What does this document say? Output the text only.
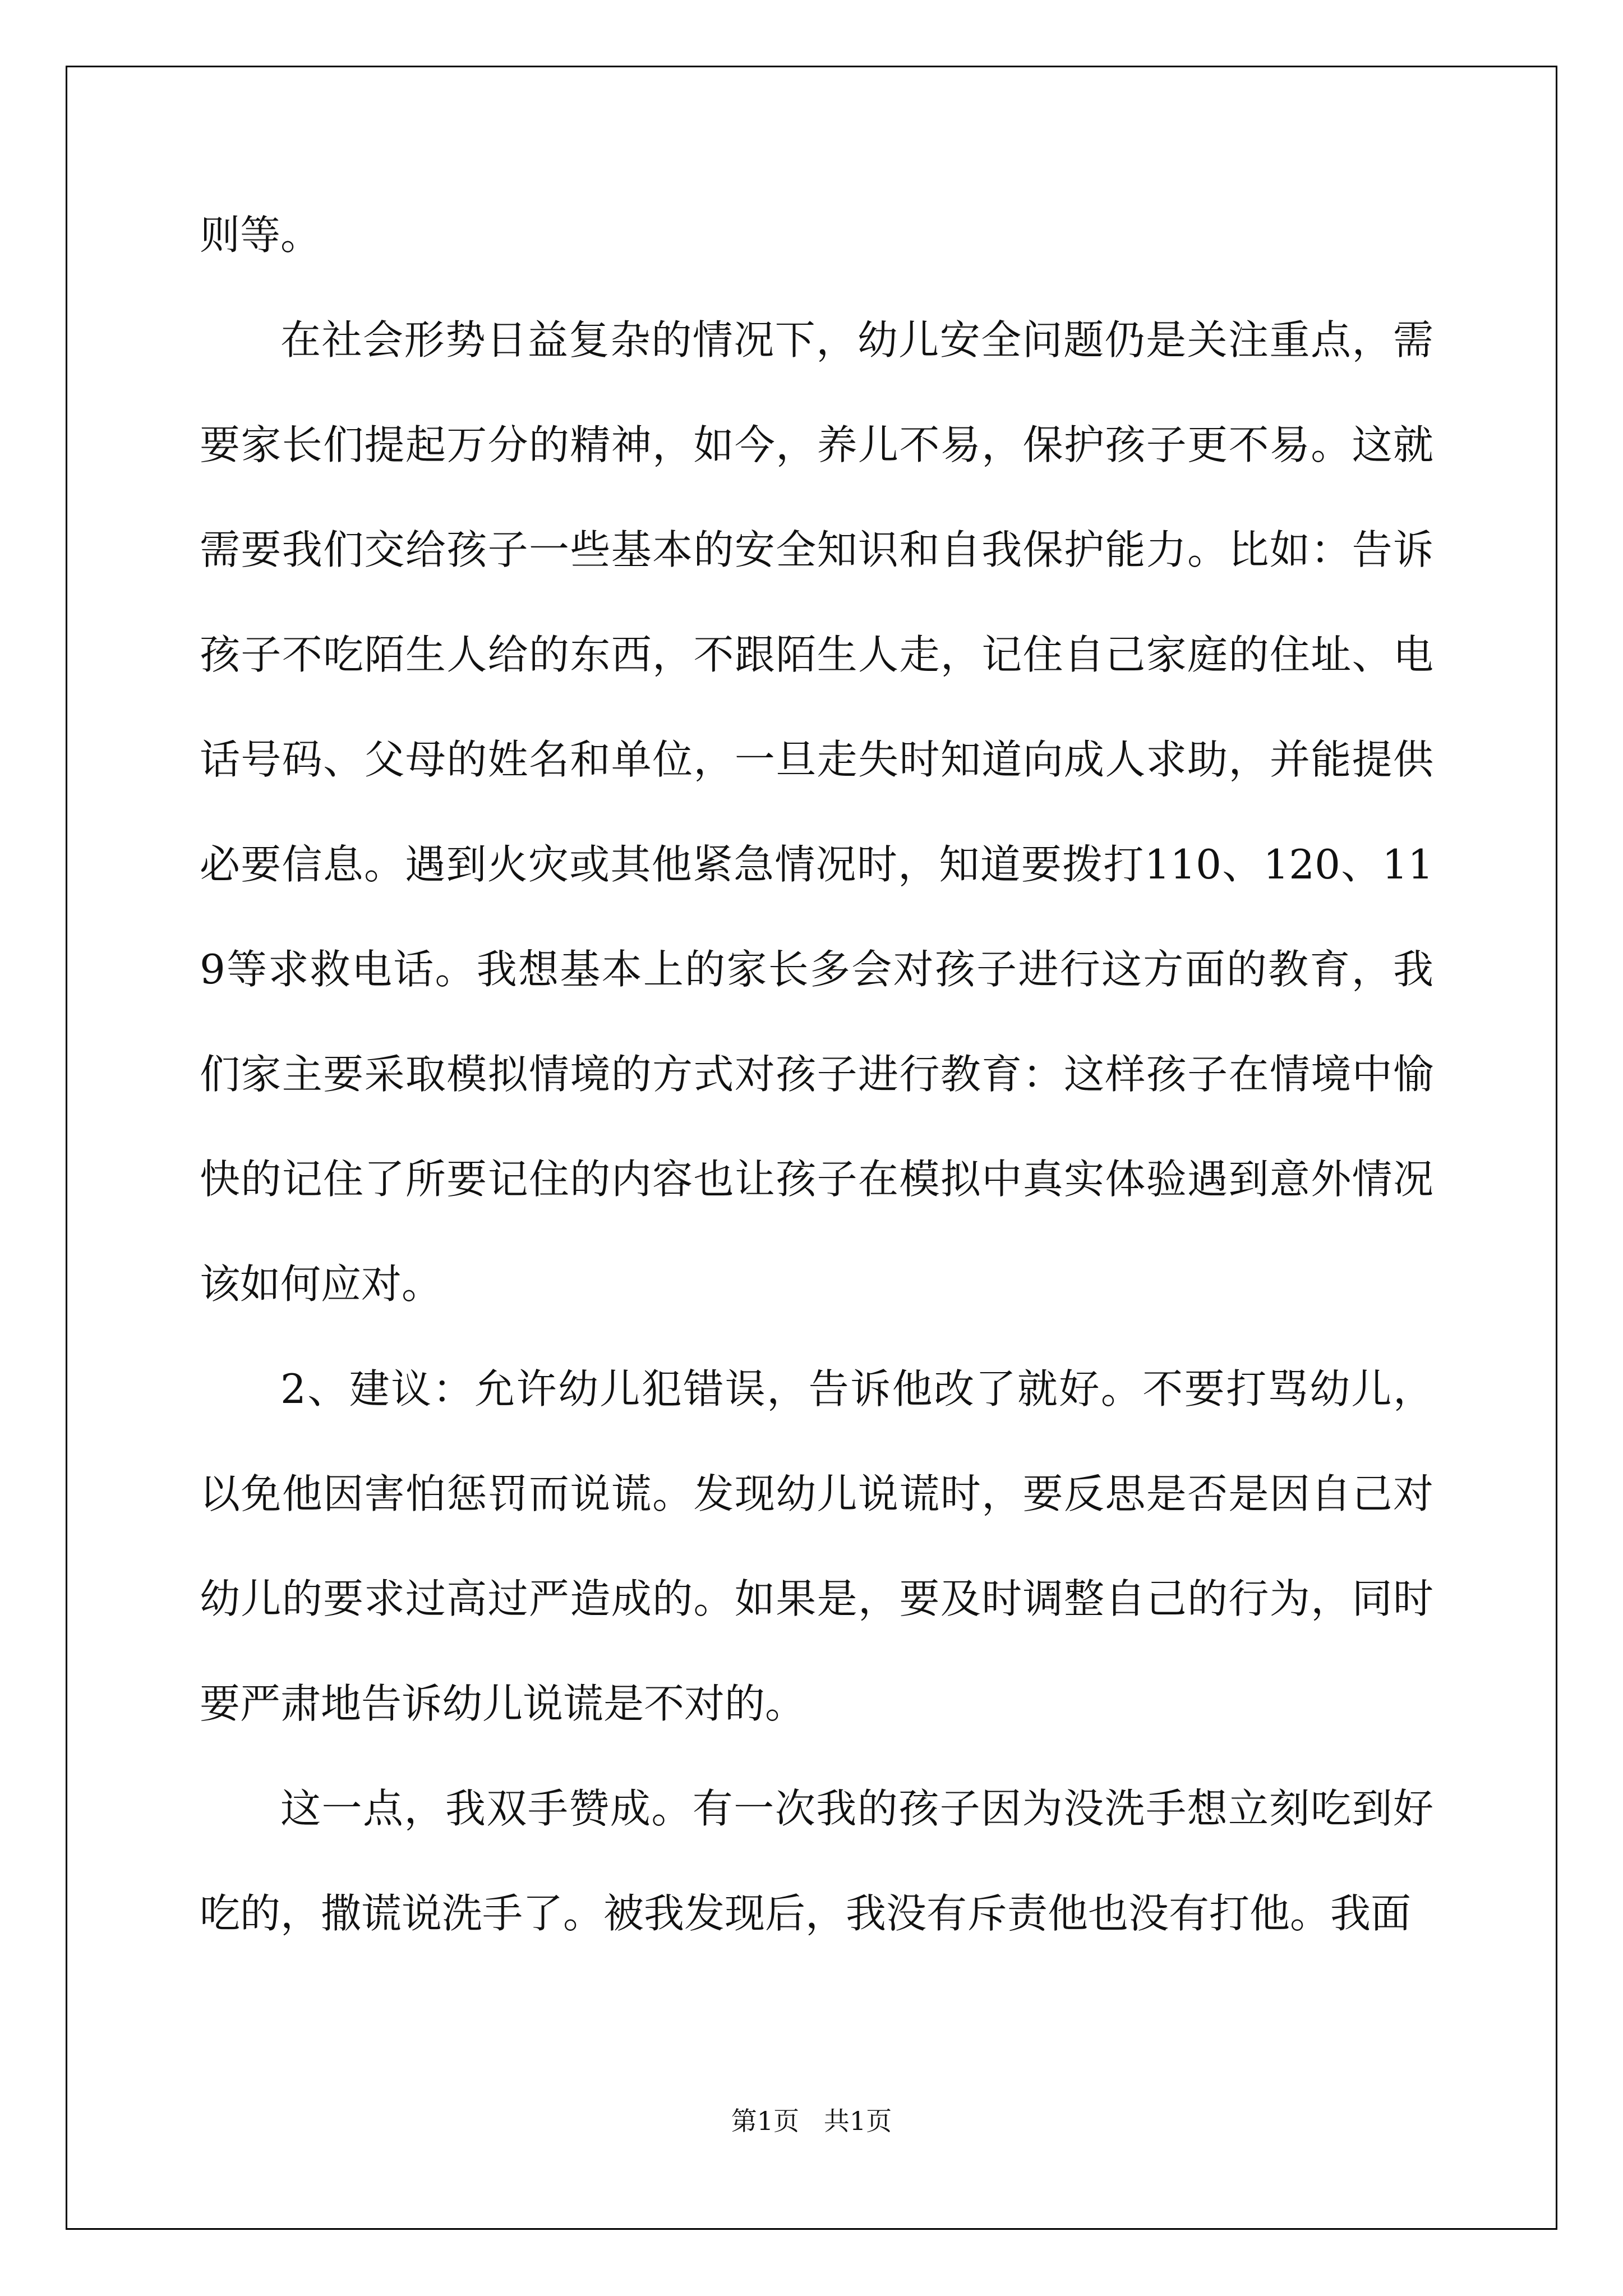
则等。

在社会形势日益复杂的情况下，幼儿安全问题仍是关注重点，需要家长们提起万分的精神，如今，养儿不易，保护孩子更不易。这就需要我们交给孩子一些基本的安全知识和自我保护能力。比如：告诉孩子不吃陌生人给的东西，不跟陌生人走，记住自己家庭的住址、电话号码、父母的姓名和单位，一旦走失时知道向成人求助，并能提供必要信息。遇到火灾或其他紧急情况时，知道要拨打110、120、119等求救电话。我想基本上的家长多会对孩子进行这方面的教育，我们家主要采取模拟情境的方式对孩子进行教育：这样孩子在情境中愉快的记住了所要记住的内容也让孩子在模拟中真实体验遇到意外情况该如何应对。

2、建议：允许幼儿犯错误，告诉他改了就好。不要打骂幼儿，以免他因害怕惩罚而说谎。发现幼儿说谎时，要反思是否是因自己对幼儿的要求过高过严造成的。如果是，要及时调整自己的行为，同时要严肃地告诉幼儿说谎是不对的。

这一点，我双手赞成。有一次我的孩子因为没洗手想立刻吃到好吃的，撒谎说洗手了。被我发现后，我没有斥责他也没有打他。我面

第1页   共1页
